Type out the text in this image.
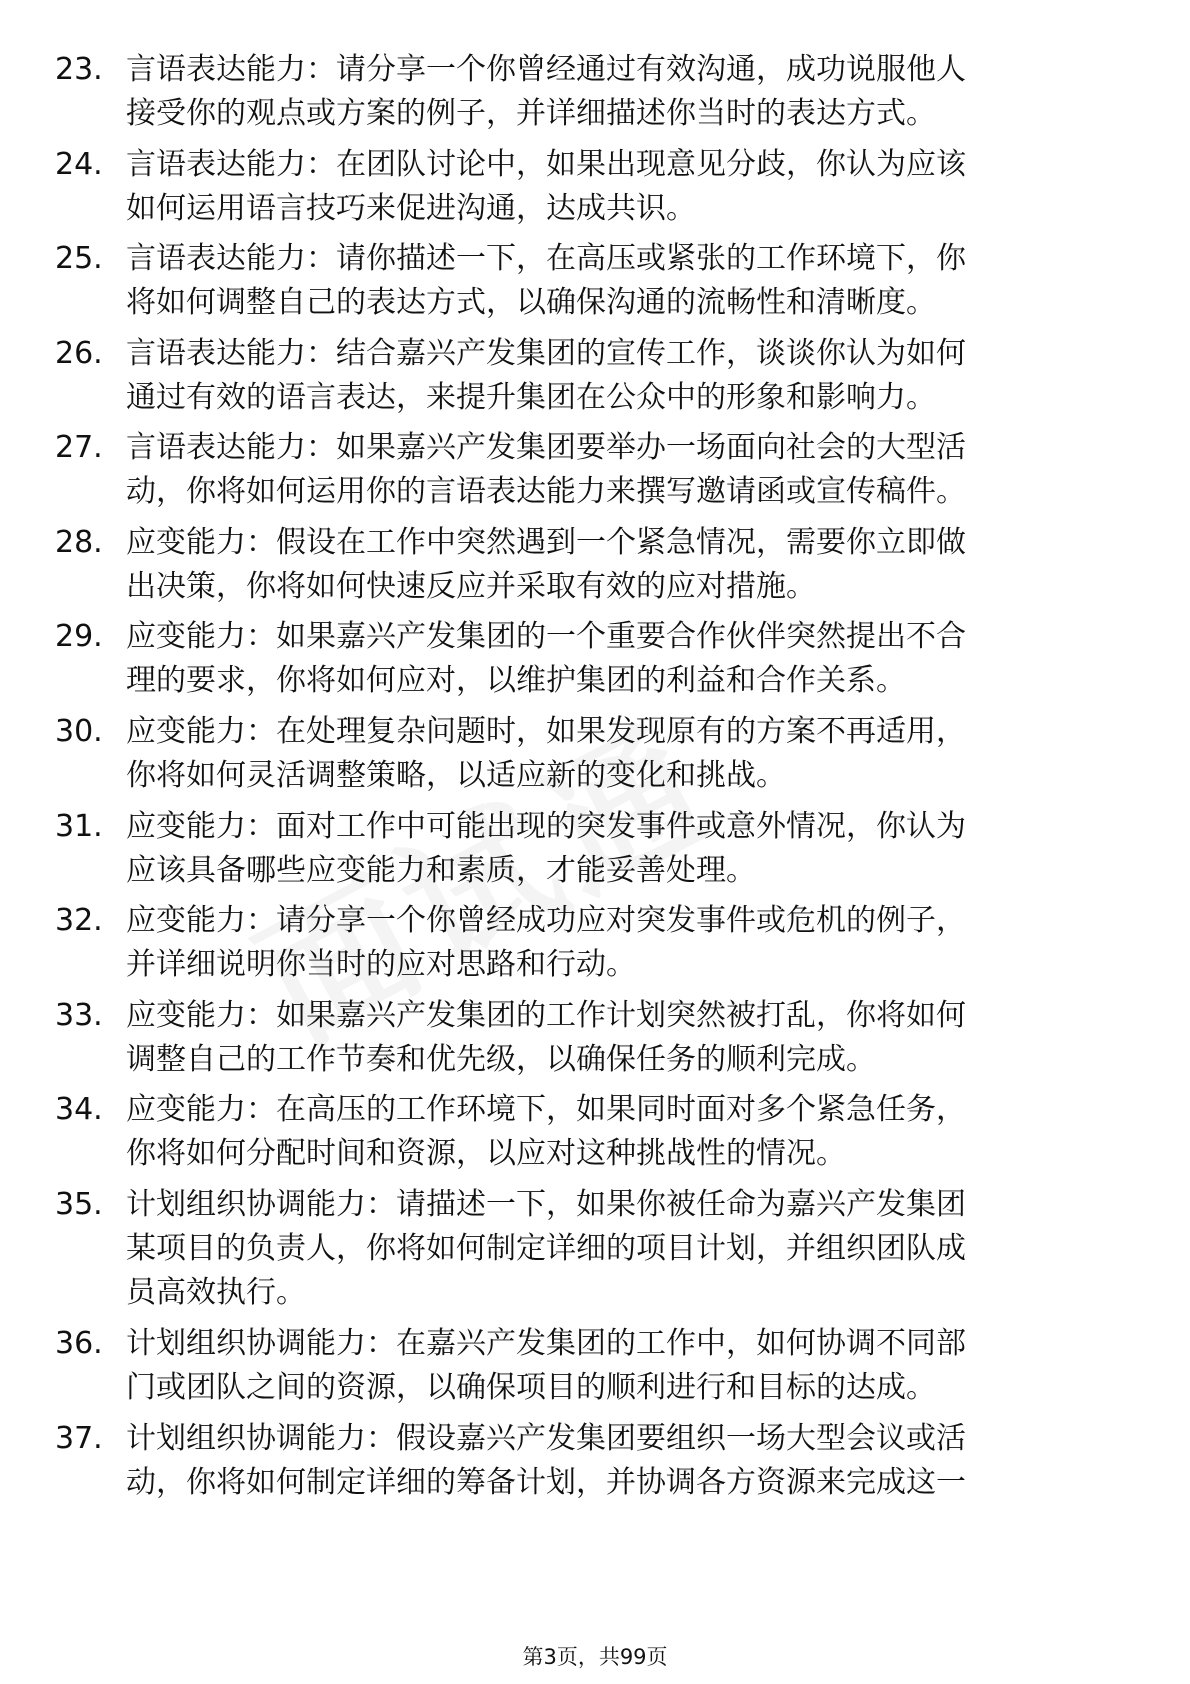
23. 言语表达能力：请分享一个你曾经通过有效沟通，成功说服他人
接受你的观点或方案的例子，并详细描述你当时的表达方式。
24. 言语表达能力：在团队讨论中，如果出现意见分歧，你认为应该
如何运用语言技巧来促进沟通，达成共识。
25. 言语表达能力：请你描述一下，在高压或紧张的工作环境下，你
将如何调整自己的表达方式，以确保沟通的流畅性和清晰度。
26. 言语表达能力：结合嘉兴产发集团的宣传工作，谈谈你认为如何
通过有效的语言表达，来提升集团在公众中的形象和影响力。
27. 言语表达能力：如果嘉兴产发集团要举办一场面向社会的大型活
动，你将如何运用你的言语表达能力来撰写邀请函或宣传稿件。
28. 应变能力：假设在工作中突然遇到一个紧急情况，需要你立即做
出决策，你将如何快速反应并采取有效的应对措施。
29. 应变能力：如果嘉兴产发集团的一个重要合作伙伴突然提出不合
理的要求，你将如何应对，以维护集团的利益和合作关系。
30. 应变能力：在处理复杂问题时，如果发现原有的方案不再适用，
你将如何灵活调整策略，以适应新的变化和挑战。
31. 应变能力：面对工作中可能出现的突发事件或意外情况，你认为
应该具备哪些应变能力和素质，才能妥善处理。
32. 应变能力：请分享一个你曾经成功应对突发事件或危机的例子，
并详细说明你当时的应对思路和行动。
33. 应变能力：如果嘉兴产发集团的工作计划突然被打乱，你将如何
调整自己的工作节奏和优先级，以确保任务的顺利完成。
34. 应变能力：在高压的工作环境下，如果同时面对多个紧急任务，
你将如何分配时间和资源，以应对这种挑战性的情况。
35. 计划组织协调能力：请描述一下，如果你被任命为嘉兴产发集团
某项目的负责人，你将如何制定详细的项目计划，并组织团队成
员高效执行。
36. 计划组织协调能力：在嘉兴产发集团的工作中，如何协调不同部
门或团队之间的资源，以确保项目的顺利进行和目标的达成。
37. 计划组织协调能力：假设嘉兴产发集团要组织一场大型会议或活
动，你将如何制定详细的筹备计划，并协调各方资源来完成这一
第3页，共99页
